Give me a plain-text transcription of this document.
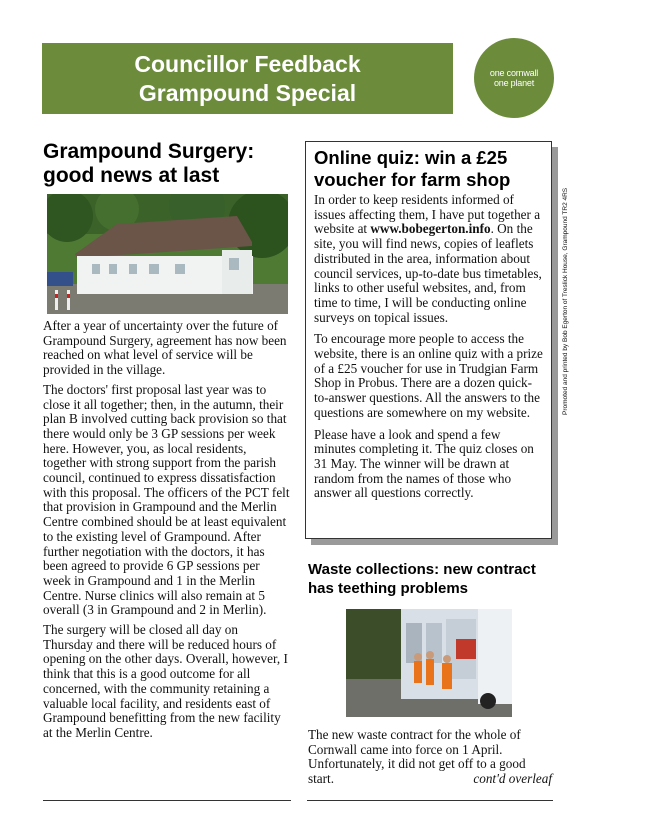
Councillor Feedback
Grampound Special
one cornwall
one planet
Promoted and printed by Bob Egerton of Treslick House, Grampound TR2 4RS
Grampound Surgery:
good news at last

After a year of uncertainty over the future of Grampound Surgery, agreement has now been reached on what level of service will be provided in the village.

The doctors' first proposal last year was to close it all together; then, in the autumn, their plan B involved cutting back provision so that there would only be 3 GP sessions per week here. However, you, as local residents, together with strong support from the parish council, continued to express dissatisfaction with this proposal. The officers of the PCT felt that provision in Grampound and the Merlin Centre combined should be at least equivalent to the existing level of Grampound. After further negotiation with the doctors, it has been agreed to provide 6 GP sessions per week in Grampound and 1 in the Merlin Centre. Nurse clinics will also remain at 5 overall (3 in Grampound and 2 in Merlin).

The surgery will be closed all day on Thursday and there will be reduced hours of opening on the other days. Overall, however, I think that this is a good outcome for all concerned, with the community retaining a valuable local facility, and residents east of Grampound benefitting from the new facility at the Merlin Centre.

Online quiz: win a £25
voucher for farm shop

In order to keep residents informed of issues affecting them, I have put together a website at www.bobegerton.info. On the site, you will find news, copies of leaflets distributed in the area, information about council services, up-to-date bus timetables, links to other useful websites, and, from time to time, I will be conducting online surveys on topical issues.

To encourage more people to access the website, there is an online quiz with a prize of a £25 voucher for use in Trudgian Farm Shop in Probus. There are a dozen quick-to-answer questions. All the answers to the questions are somewhere on my website.

Please have a look and spend a few minutes completing it. The quiz closes on 31 May. The winner will be drawn at random from the names of those who answer all questions correctly.

Waste collections: new contract
has teething problems
The new waste contract for the whole of Cornwall came into force on 1 April. Unfortunately, it did not get off to a good start.	cont'd overleaf
